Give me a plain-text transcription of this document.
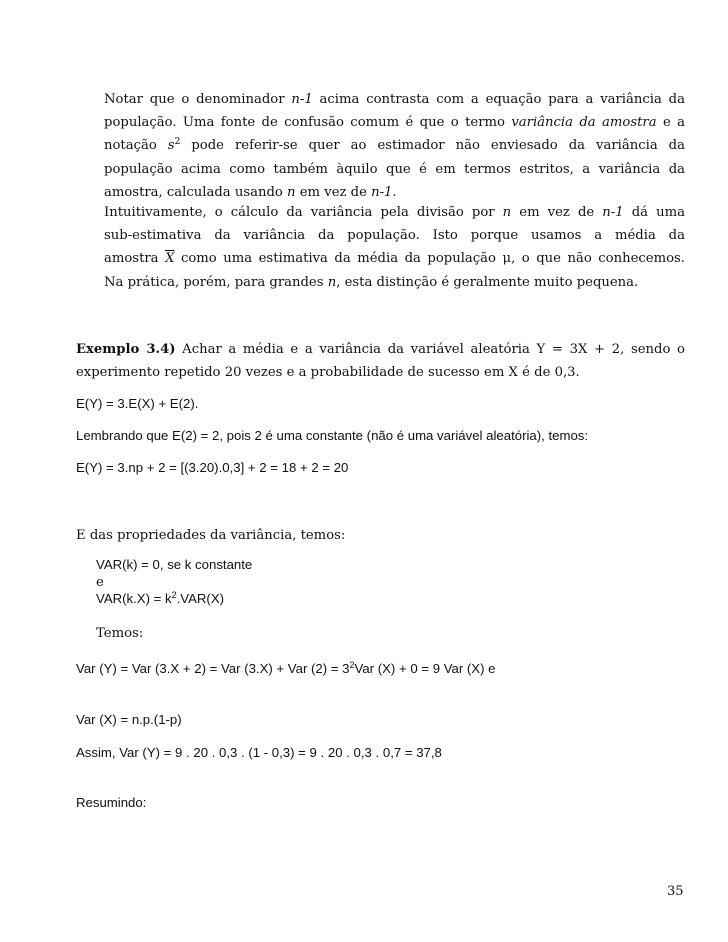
Notar que o denominador n-1 acima contrasta com a equação para a variância da
população. Uma fonte de confusão comum é que o termo variância da amostra e a
notação $s^2$ pode referir-se quer ao estimador não enviesado da variância da
população acima como também àquilo que é em termos estritos, a variância da
amostra, calculada usando n em vez de n-1.
Intuitivamente, o cálculo da variância pela divisão por n em vez de n-1 dá uma
sub-estimativa da variância da população. Isto porque usamos a média da
amostra $\overline{X}$ como uma estimativa da média da população μ, o que não conhecemos.
Na prática, porém, para grandes n, esta distinção é geralmente muito pequena.
Exemplo 3.4) Achar a média e a variância da variável aleatória Y = 3X + 2, sendo o
experimento repetido 20 vezes e a probabilidade de sucesso em X é de 0,3.
E(Y) = 3.E(X) + E(2).
Lembrando que E(2) = 2, pois 2 é uma constante (não é uma variável aleatória), temos:
E(Y) = 3.np + 2 = [(3.20).0,3] + 2 = 18 + 2 = 20
E das propriedades da variância, temos:
VAR(k) = 0, se k constante
e
$VAR(k.X) = k^2.VAR(X)$
Temos:
Var (Y) = Var (3.X + 2) = Var (3.X) + Var $(2) = 3^2Var$ (X) + 0 = 9 Var (X) e
Var (X) = n.p.(1-p)
Assim, Var (Y) = 9 . 20 . 0,3 . (1 - 0,3) = 9 . 20 . 0,3 . 0,7 = 37,8
Resumindo:
35
